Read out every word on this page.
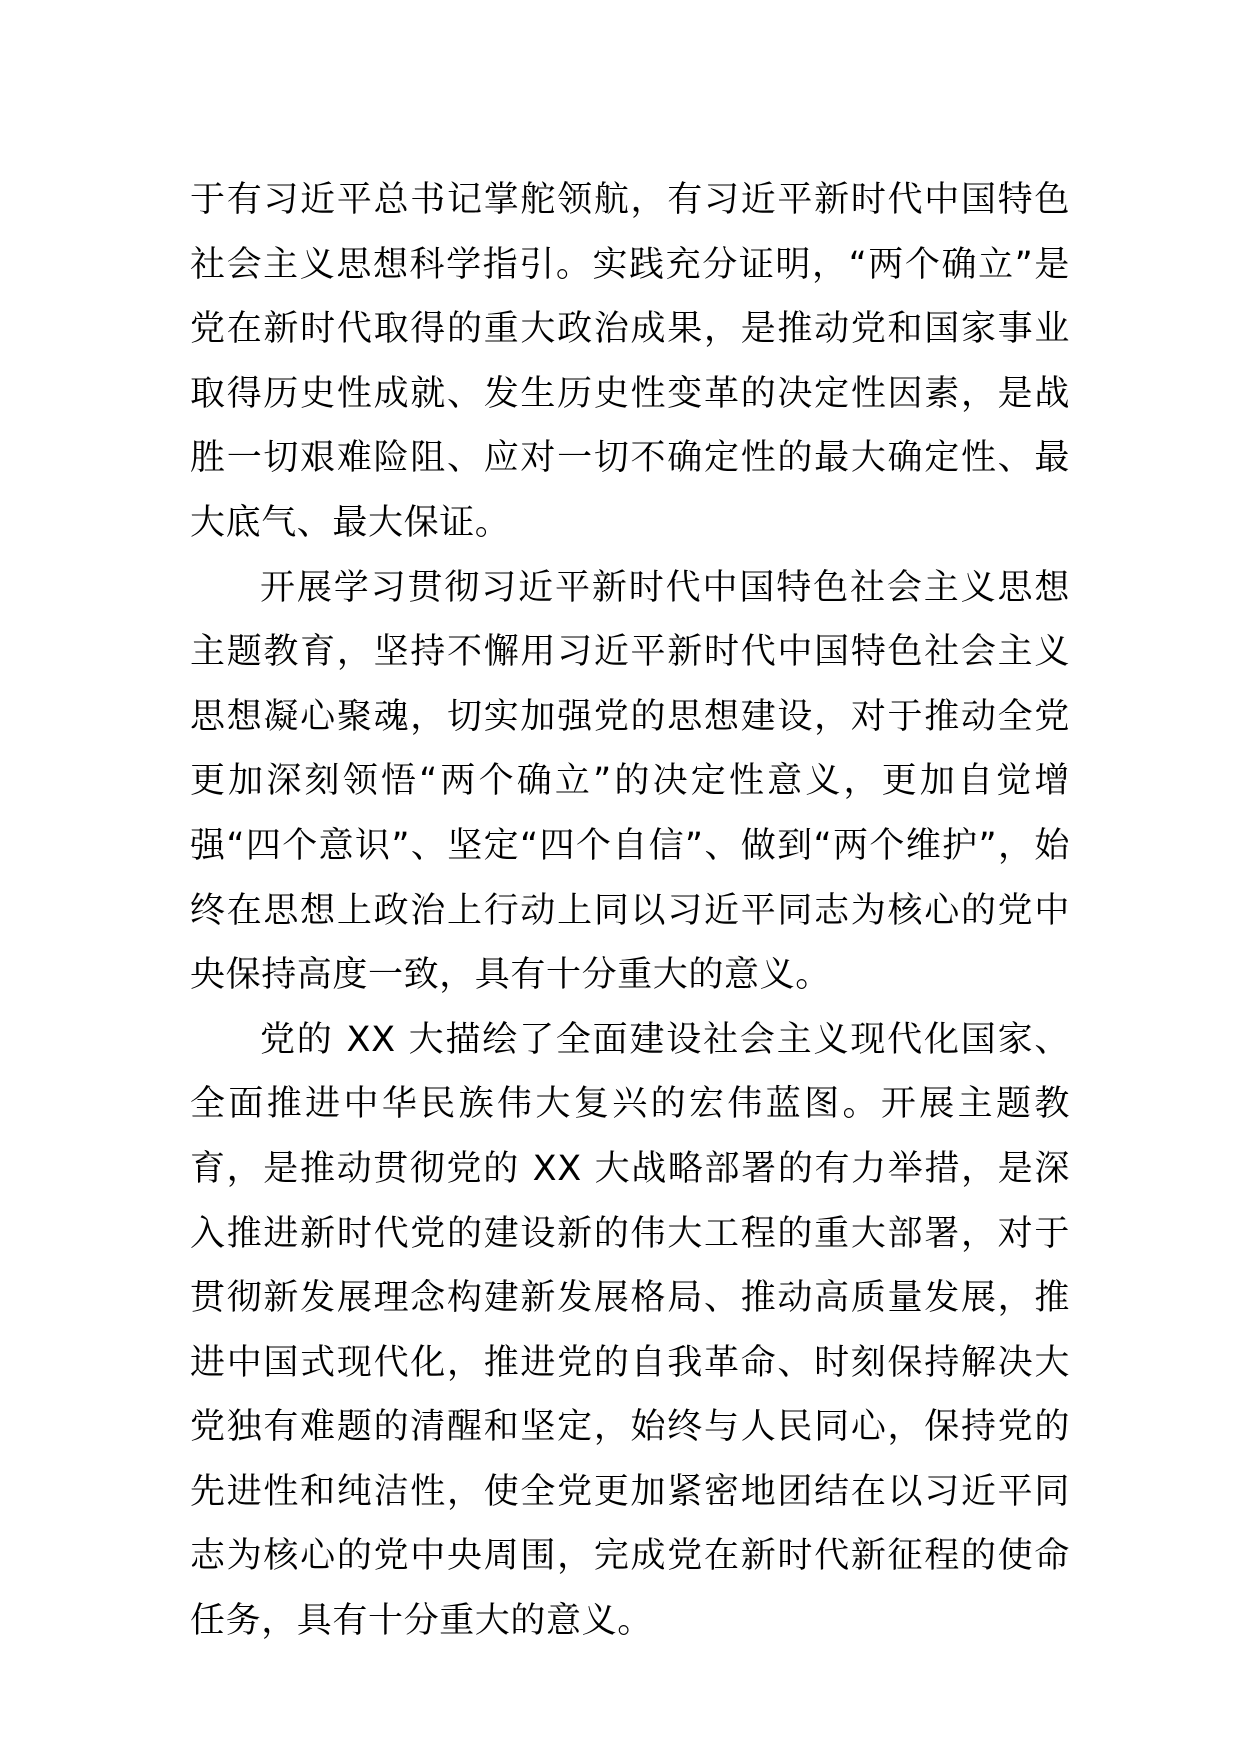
于有习近平总书记掌舵领航，有习近平新时代中国特色社会主义思想科学指引。实践充分证明，“两个确立”是党在新时代取得的重大政治成果，是推动党和国家事业取得历史性成就、发生历史性变革的决定性因素，是战胜一切艰难险阻、应对一切不确定性的最大确定性、最大底气、最大保证。

开展学习贯彻习近平新时代中国特色社会主义思想主题教育，坚持不懈用习近平新时代中国特色社会主义思想凝心聚魂，切实加强党的思想建设，对于推动全党更加深刻领悟“两个确立”的决定性意义，更加自觉增强“四个意识”、坚定“四个自信”、做到“两个维护”，始终在思想上政治上行动上同以习近平同志为核心的党中央保持高度一致，具有十分重大的意义。

党的 XX 大描绘了全面建设社会主义现代化国家、全面推进中华民族伟大复兴的宏伟蓝图。开展主题教育，是推动贯彻党的 XX 大战略部署的有力举措，是深入推进新时代党的建设新的伟大工程的重大部署，对于贯彻新发展理念构建新发展格局、推动高质量发展，推进中国式现代化，推进党的自我革命、时刻保持解决大党独有难题的清醒和坚定，始终与人民同心，保持党的先进性和纯洁性，使全党更加紧密地团结在以习近平同志为核心的党中央周围，完成党在新时代新征程的使命任务，具有十分重大的意义。
